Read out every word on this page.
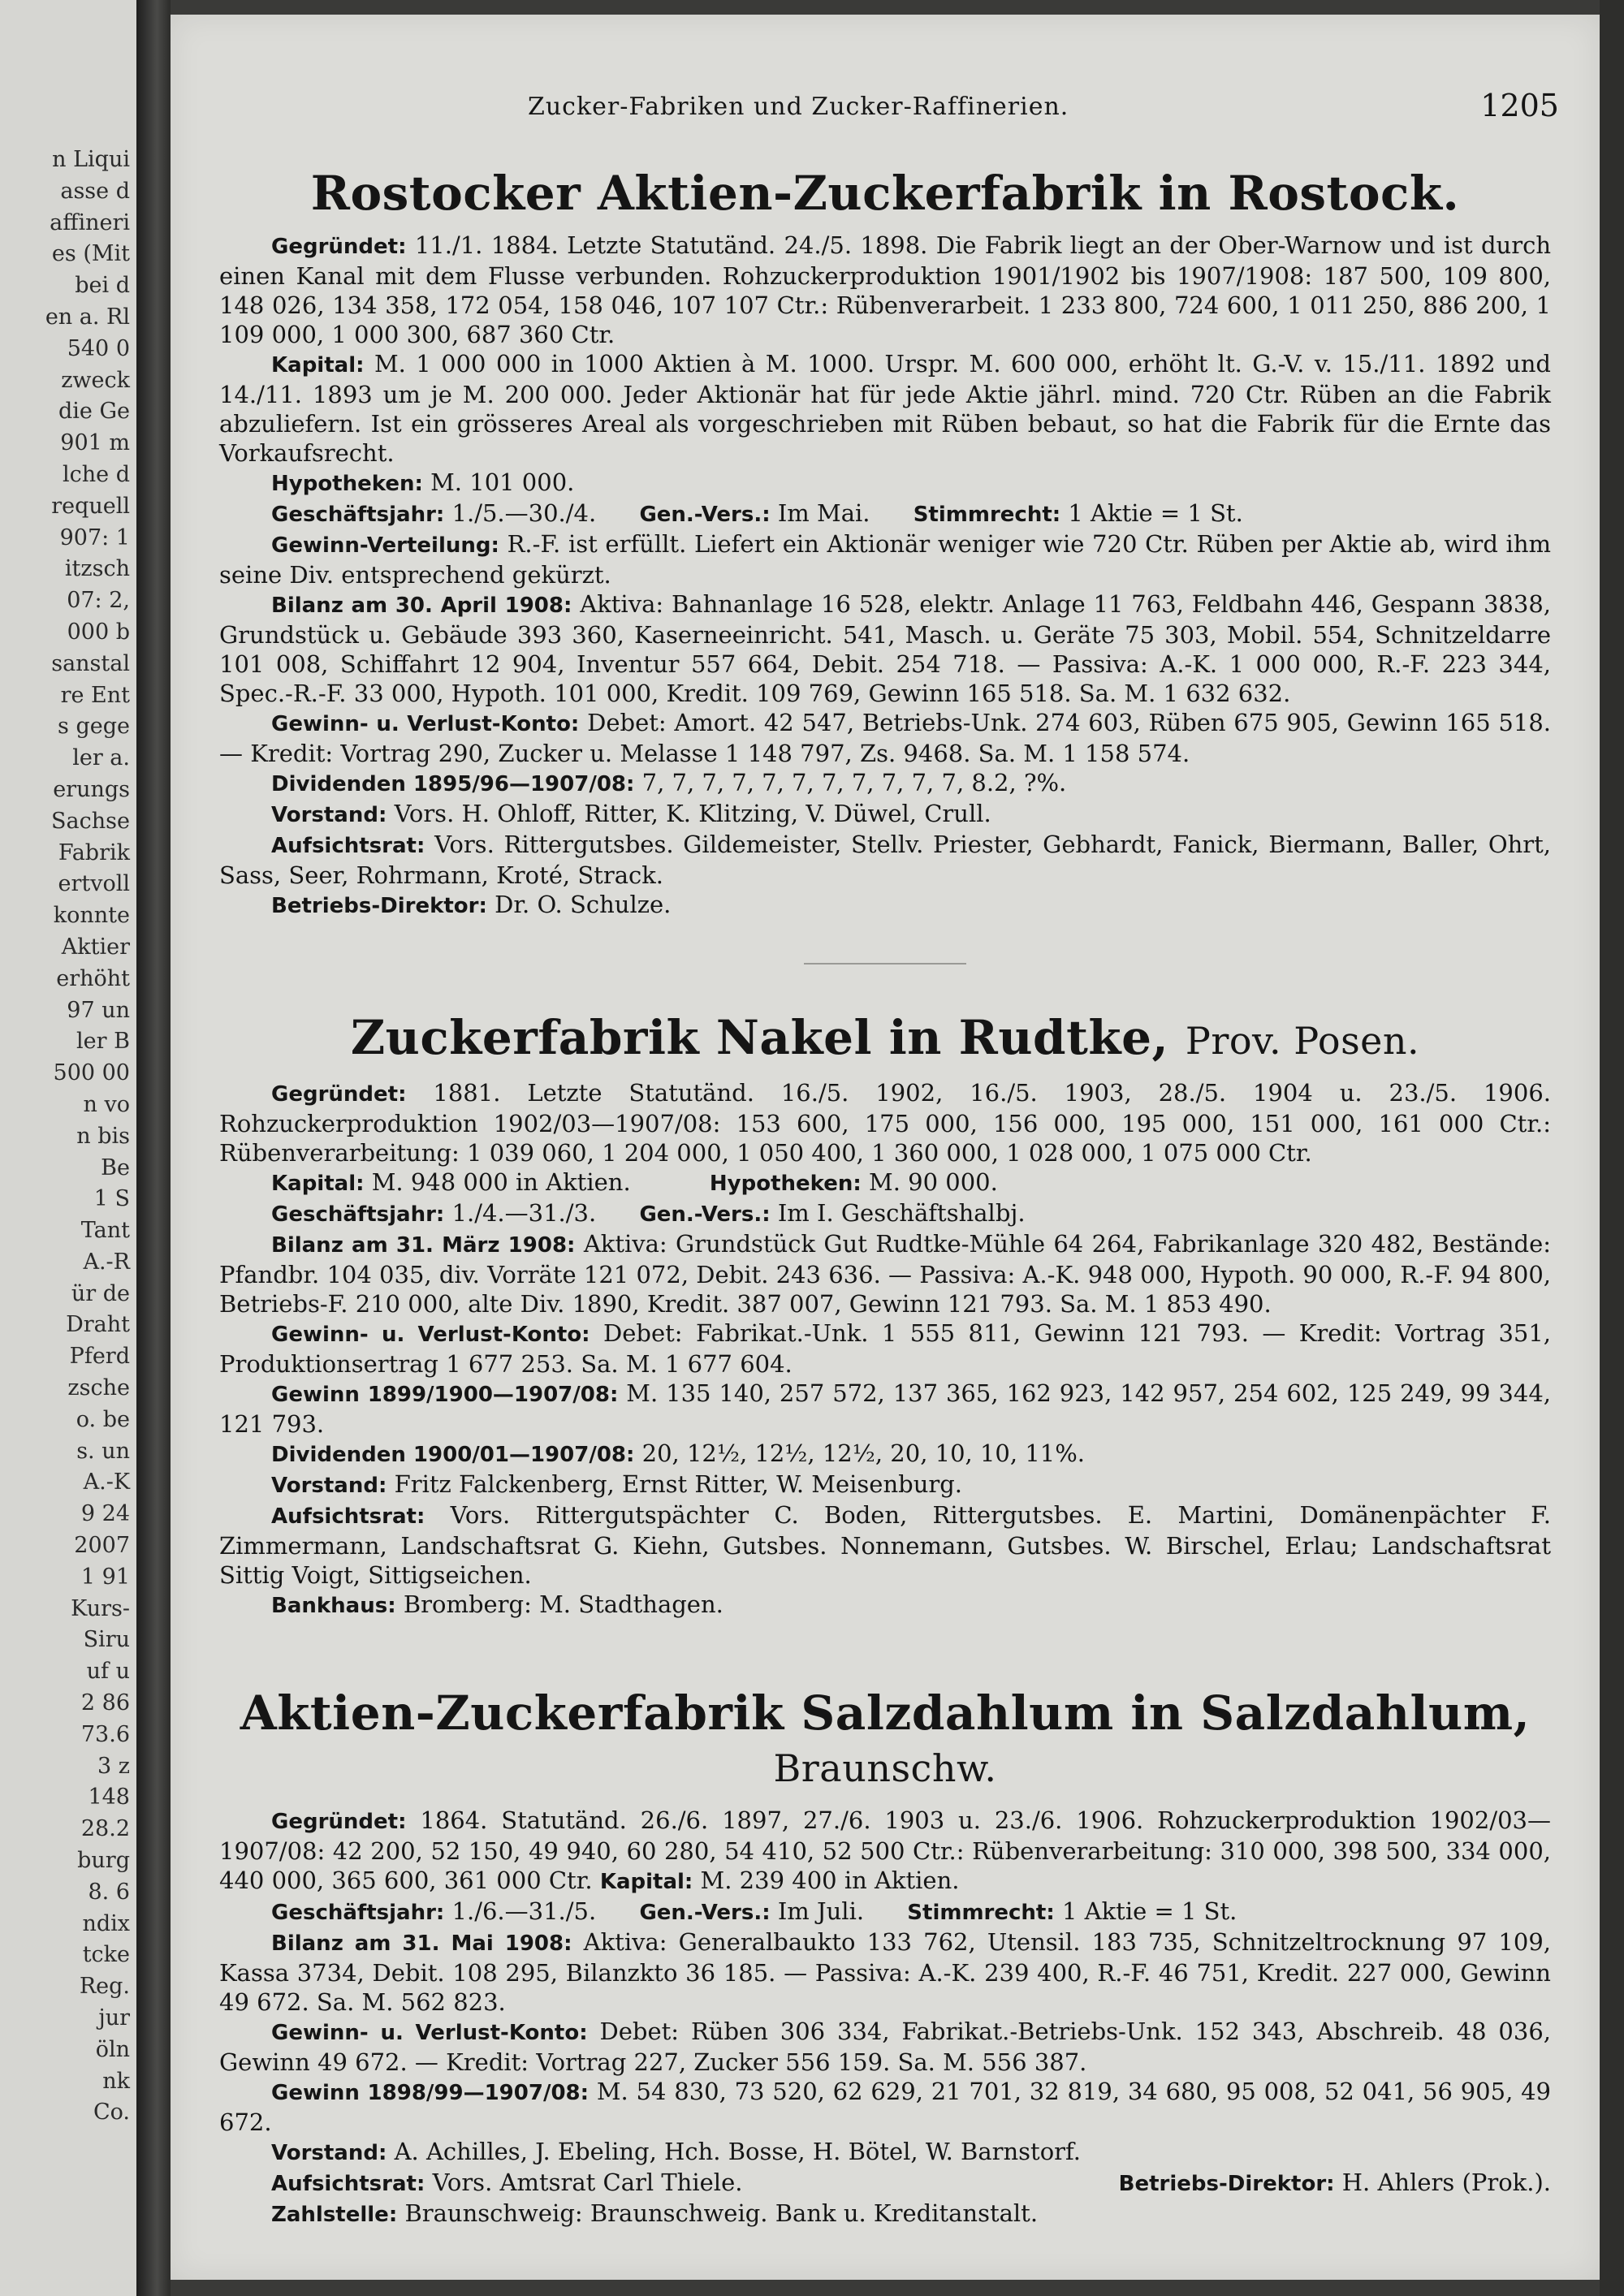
n Liqui
asse d
affineri
es (Mit
bei d
en a. Rl
540 0
zweck
die Ge
901 m
lche d
requell
907: 1
itzsch
07: 2,
000 b
sanstal
re Ent
s gege
ler a.
erungs
Sachse
Fabrik
ertvoll
konnte
Aktier
erhöht
97 un
ler B
500 00
n vo
n bis
Be
1 S
Tant
A.-R
ür de
Draht
Pferd
zsche
o. be
s. un
A.-K
9 24
2007
1 91
Kurs-
Siru
uf u
2 86
73.6
3 z
148
28.2
burg
8. 6
ndix
tcke
Reg.
jur
öln
nk
Co.
Zucker-Fabriken und Zucker-Raffinerien.	1205
Rostocker Aktien-Zuckerfabrik in Rostock.
Gegründet: 11./1. 1884. Letzte Statutänd. 24./5. 1898. Die Fabrik liegt an der Ober-Warnow und ist durch einen Kanal mit dem Flusse verbunden. Rohzuckerproduktion 1901/1902 bis 1907/1908: 187 500, 109 800, 148 026, 134 358, 172 054, 158 046, 107 107 Ctr.: Rübenverarbeit. 1 233 800, 724 600, 1 011 250, 886 200, 1 109 000, 1 000 300, 687 360 Ctr.
Kapital: M. 1 000 000 in 1000 Aktien à M. 1000. Urspr. M. 600 000, erhöht lt. G.-V. v. 15./11. 1892 und 14./11. 1893 um je M. 200 000. Jeder Aktionär hat für jede Aktie jährl. mind. 720 Ctr. Rüben an die Fabrik abzuliefern. Ist ein grösseres Areal als vorgeschrieben mit Rüben bebaut, so hat die Fabrik für die Ernte das Vorkaufsrecht.
Hypotheken: M. 101 000.
Geschäftsjahr: 1./5.—30./4. Gen.-Vers.: Im Mai. Stimmrecht: 1 Aktie = 1 St.
Gewinn-Verteilung: R.-F. ist erfüllt. Liefert ein Aktionär weniger wie 720 Ctr. Rüben per Aktie ab, wird ihm seine Div. entsprechend gekürzt.
Bilanz am 30. April 1908: Aktiva: Bahnanlage 16 528, elektr. Anlage 11 763, Feldbahn 446, Gespann 3838, Grundstück u. Gebäude 393 360, Kaserneeinricht. 541, Masch. u. Geräte 75 303, Mobil. 554, Schnitzeldarre 101 008, Schiffahrt 12 904, Inventur 557 664, Debit. 254 718. — Passiva: A.-K. 1 000 000, R.-F. 223 344, Spec.-R.-F. 33 000, Hypoth. 101 000, Kredit. 109 769, Gewinn 165 518. Sa. M. 1 632 632.
Gewinn- u. Verlust-Konto: Debet: Amort. 42 547, Betriebs-Unk. 274 603, Rüben 675 905, Gewinn 165 518. — Kredit: Vortrag 290, Zucker u. Melasse 1 148 797, Zs. 9468. Sa. M. 1 158 574.
Dividenden 1895/96—1907/08: 7, 7, 7, 7, 7, 7, 7, 7, 7, 7, 7, 8.2, ?%.
Vorstand: Vors. H. Ohloff, Ritter, K. Klitzing, V. Düwel, Crull.
Aufsichtsrat: Vors. Rittergutsbes. Gildemeister, Stellv. Priester, Gebhardt, Fanick, Biermann, Baller, Ohrt, Sass, Seer, Rohrmann, Kroté, Strack.
Betriebs-Direktor: Dr. O. Schulze.
Zuckerfabrik Nakel in Rudtke, Prov. Posen.
Gegründet: 1881. Letzte Statutänd. 16./5. 1902, 16./5. 1903, 28./5. 1904 u. 23./5. 1906. Rohzuckerproduktion 1902/03—1907/08: 153 600, 175 000, 156 000, 195 000, 151 000, 161 000 Ctr.: Rübenverarbeitung: 1 039 060, 1 204 000, 1 050 400, 1 360 000, 1 028 000, 1 075 000 Ctr.
Kapital: M. 948 000 in Aktien.	Hypotheken: M. 90 000.
Geschäftsjahr: 1./4.—31./3. Gen.-Vers.: Im I. Geschäftshalbj.
Bilanz am 31. März 1908: Aktiva: Grundstück Gut Rudtke-Mühle 64 264, Fabrikanlage 320 482, Bestände: Pfandbr. 104 035, div. Vorräte 121 072, Debit. 243 636. — Passiva: A.-K. 948 000, Hypoth. 90 000, R.-F. 94 800, Betriebs-F. 210 000, alte Div. 1890, Kredit. 387 007, Gewinn 121 793. Sa. M. 1 853 490.
Gewinn- u. Verlust-Konto: Debet: Fabrikat.-Unk. 1 555 811, Gewinn 121 793. — Kredit: Vortrag 351, Produktionsertrag 1 677 253. Sa. M. 1 677 604.
Gewinn 1899/1900—1907/08: M. 135 140, 257 572, 137 365, 162 923, 142 957, 254 602, 125 249, 99 344, 121 793.
Dividenden 1900/01—1907/08: 20, 12½, 12½, 12½, 20, 10, 10, 11%.
Vorstand: Fritz Falckenberg, Ernst Ritter, W. Meisenburg.
Aufsichtsrat: Vors. Rittergutspächter C. Boden, Rittergutsbes. E. Martini, Domänenpächter F. Zimmermann, Landschaftsrat G. Kiehn, Gutsbes. Nonnemann, Gutsbes. W. Birschel, Erlau; Landschaftsrat Sittig Voigt, Sittigseichen.
Bankhaus: Bromberg: M. Stadthagen.
Aktien-Zuckerfabrik Salzdahlum in Salzdahlum, Braunschw.
Gegründet: 1864. Statutänd. 26./6. 1897, 27./6. 1903 u. 23./6. 1906. Rohzuckerproduktion 1902/03—1907/08: 42 200, 52 150, 49 940, 60 280, 54 410, 52 500 Ctr.: Rübenverarbeitung: 310 000, 398 500, 334 000, 440 000, 365 600, 361 000 Ctr. Kapital: M. 239 400 in Aktien.
Geschäftsjahr: 1./6.—31./5. Gen.-Vers.: Im Juli. Stimmrecht: 1 Aktie = 1 St.
Bilanz am 31. Mai 1908: Aktiva: Generalbaukto 133 762, Utensil. 183 735, Schnitzeltrocknung 97 109, Kassa 3734, Debit. 108 295, Bilanzkto 36 185. — Passiva: A.-K. 239 400, R.-F. 46 751, Kredit. 227 000, Gewinn 49 672. Sa. M. 562 823.
Gewinn- u. Verlust-Konto: Debet: Rüben 306 334, Fabrikat.-Betriebs-Unk. 152 343, Abschreib. 48 036, Gewinn 49 672. — Kredit: Vortrag 227, Zucker 556 159. Sa. M. 556 387.
Gewinn 1898/99—1907/08: M. 54 830, 73 520, 62 629, 21 701, 32 819, 34 680, 95 008, 52 041, 56 905, 49 672.
Vorstand: A. Achilles, J. Ebeling, Hch. Bosse, H. Bötel, W. Barnstorf.
Aufsichtsrat: Vors. Amtsrat Carl Thiele.	Betriebs-Direktor: H. Ahlers (Prok.).
Zahlstelle: Braunschweig: Braunschweig. Bank u. Kreditanstalt.
